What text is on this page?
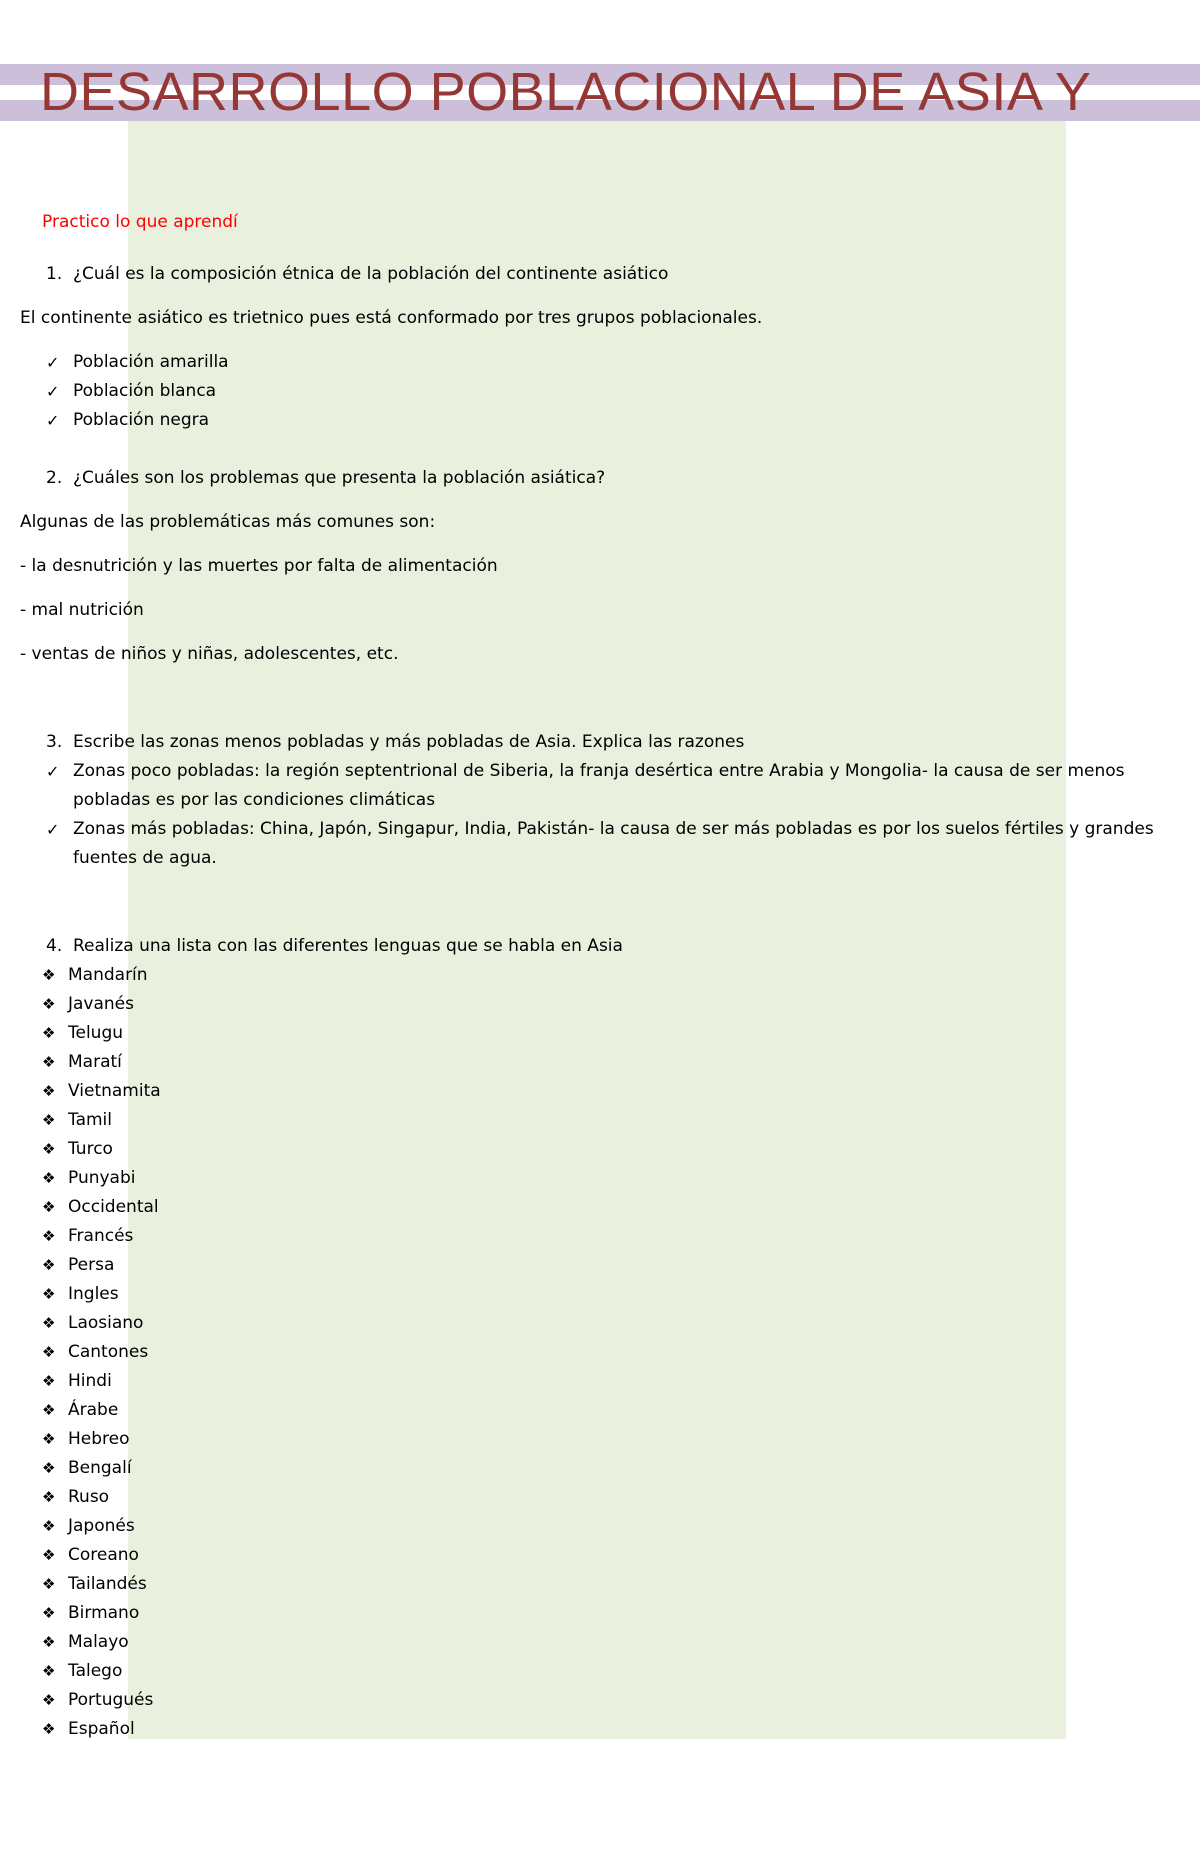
DESARROLLO POBLACIONAL DE ASIA Y
Practico lo que aprendí
1. ¿Cuál es la composición étnica de la población del continente asiático
El continente asiático es trietnico pues está conformado por tres grupos poblacionales.
✓ Población amarilla
✓ Población blanca
✓ Población negra
2. ¿Cuáles son los problemas que presenta la población asiática?
Algunas de las problemáticas más comunes son:
- la desnutrición y las muertes por falta de alimentación
- mal nutrición
- ventas de niños y niñas, adolescentes, etc.
3. Escribe las zonas menos pobladas y más pobladas de Asia. Explica las razones
✓ Zonas poco pobladas: la región septentrional de Siberia, la franja desértica entre Arabia y Mongolia- la causa de ser menos
pobladas es por las condiciones climáticas
✓ Zonas más pobladas: China, Japón, Singapur, India, Pakistán- la causa de ser más pobladas es por los suelos fértiles y grandes
fuentes de agua.
4. Realiza una lista con las diferentes lenguas que se habla en Asia
❖ Mandarín
❖ Javanés
❖ Telugu
❖ Maratí
❖ Vietnamita
❖ Tamil
❖ Turco
❖ Punyabi
❖ Occidental
❖ Francés
❖ Persa
❖ Ingles
❖ Laosiano
❖ Cantones
❖ Hindi
❖ Árabe
❖ Hebreo
❖ Bengalí
❖ Ruso
❖ Japonés
❖ Coreano
❖ Tailandés
❖ Birmano
❖ Malayo
❖ Talego
❖ Portugués
❖ Español
